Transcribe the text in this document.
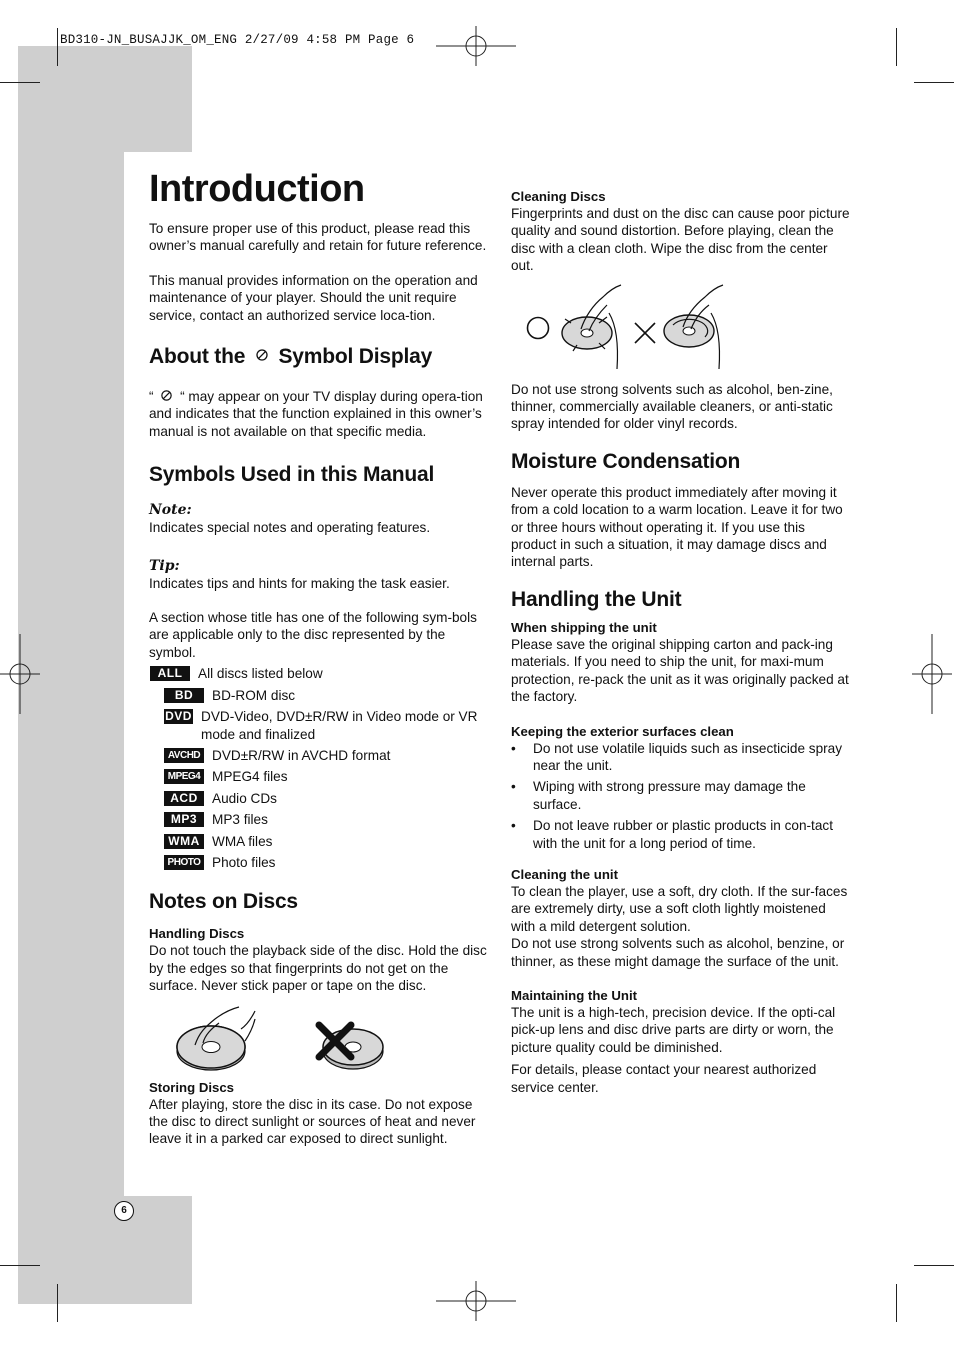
BD310-JN_BUSAJJK_OM_ENG 2/27/09 4:58 PM Page 6
Introduction

To ensure proper use of this product, please read this owner’s manual carefully and retain for future reference.

This manual provides information on the operation and maintenance of your player. Should the unit require service, contact an authorized service loca-tion.

About the Symbol Display

“ “ may appear on your TV display during opera-tion and indicates that the function explained in this owner’s manual is not available on that specific media.

Symbols Used in this Manual
Note:

Indicates special notes and operating features.

Tip:

Indicates tips and hints for making the task easier.

A section whose title has one of the following sym-bols are applicable only to the disc represented by the symbol.

ALL	All discs listed below
BD	BD-ROM disc
DVD DVD-Video, DVD±R/RW in Video mode or VR mode and finalized
AVCHD DVD±R/RW in AVCHD format
MPEG4 MPEG4 files
ACD	Audio CDs
MP3	MP3 files
WMA WMA files
PHOTO Photo files
Notes on Discs
Handling Discs

Do not touch the playback side of the disc. Hold the disc by the edges so that fingerprints do not get on the surface. Never stick paper or tape on the disc.

Storing Discs

After playing, store the disc in its case. Do not expose the disc to direct sunlight or sources of heat and never leave it in a parked car exposed to direct sunlight.

Cleaning Discs

Fingerprints and dust on the disc can cause poor picture quality and sound distortion. Before playing, clean the disc with a clean cloth. Wipe the disc from the center out.

Do not use strong solvents such as alcohol, ben-zine, thinner, commercially available cleaners, or anti-static spray intended for older vinyl records.

Moisture Condensation

Never operate this product immediately after moving it from a cold location to a warm location. Leave it for two or three hours without operating it. If you use this product in such a situation, it may damage discs and internal parts.

Handling the Unit
When shipping the unit

Please save the original shipping carton and pack-ing materials. If you need to ship the unit, for maxi-mum protection, re-pack the unit as it was originally packed at the factory.

Keeping the exterior surfaces clean
• Do not use volatile liquids such as insecticide spray near the unit.
• Wiping with strong pressure may damage the surface.
• Do not leave rubber or plastic products in con-tact with the unit for a long period of time.
Cleaning the unit

To clean the player, use a soft, dry cloth. If the sur-faces are extremely dirty, use a soft cloth lightly moistened with a mild detergent solution.

Do not use strong solvents such as alcohol, benzine, or thinner, as these might damage the surface of the unit.

Maintaining the Unit

The unit is a high-tech, precision device. If the opti-cal pick-up lens and disc drive parts are dirty or worn, the picture quality could be diminished.

For details, please contact your nearest authorized service center.

6
